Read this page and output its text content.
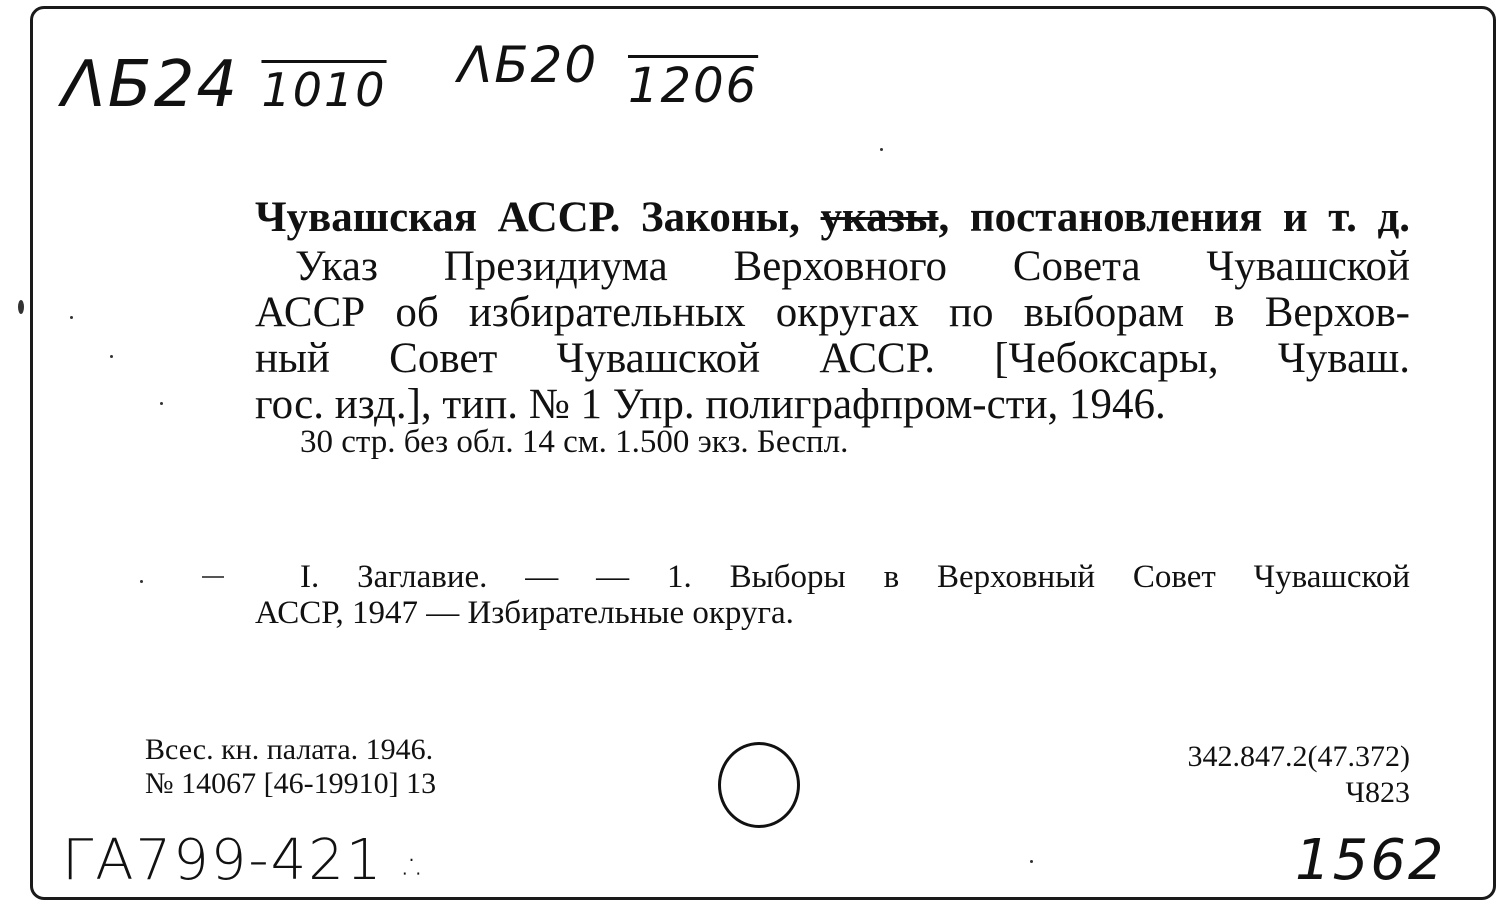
ΛБ24 1010 ΛБ20 1206
Чувашская АССР. Законы, указы, постановления и т. д.
Указ Президиума Верховного Совета Чувашской
АССР об избирательных округах по выборам в Верхов-
ный Совет Чувашской АССР. [Чебоксары, Чуваш.
гос. изд.], тип. № 1 Упр. полиграфпром-сти, 1946.
30 стр. без обл. 14 см. 1.500 экз. Беспл.
I. Заглавие. — — 1. Выборы в Верховный Совет Чувашской
АССР, 1947 — Избирательные округа.
Всес. кн. палата. 1946.
№ 14067 [46-19910] 13
342.847.2(47.372)
Ч823
ГА799-421 ∴	1562
